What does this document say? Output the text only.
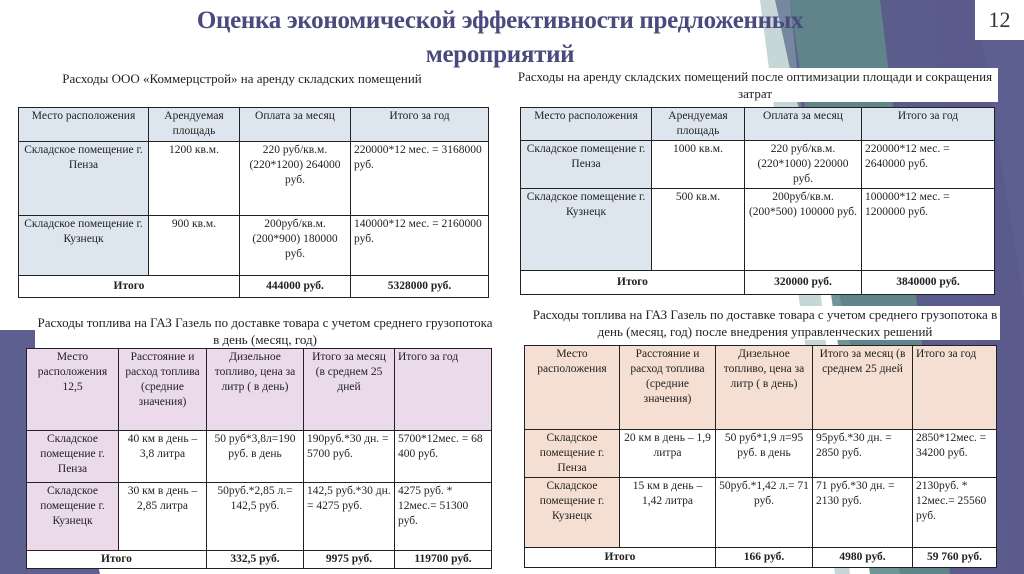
Оценка экономической эффективности предложенных мероприятий
12
Расходы ООО «Коммерцстрой» на аренду складских помещений
Место расположения	Арендуемая площадь	Оплата за месяц	Итого за год
Складское помещение г. Пенза	1200 кв.м.	220 руб/кв.м. (220*1200) 264000 руб.	220000*12 мес. = 3168000 руб.
Складское помещение г. Кузнецк	900 кв.м.	200руб/кв.м. (200*900) 180000 руб.	140000*12 мес. = 2160000 руб.
Итого		444000 руб.	5328000 руб.
Расходы на аренду складских помещений после оптимизации площади и сокращения затрат
Место расположения	Арендуемая площадь	Оплата за месяц	Итого за год
Складское помещение г. Пенза	1000 кв.м.	220 руб/кв.м. (220*1000) 220000 руб.	220000*12 мес. = 2640000 руб.
Складское помещение г. Кузнецк	500 кв.м.	200руб/кв.м. (200*500) 100000 руб.	100000*12 мес. = 1200000 руб.
Итого		320000 руб.	3840000 руб.
Расходы топлива на ГАЗ Газель по доставке товара с учетом среднего грузопотока в день (месяц, год)
Место расположения 12,5	Расстояние и расход топлива (средние значения)	Дизельное топливо, цена за литр ( в день)	Итого за месяц (в среднем 25 дней	Итого за год
Складское помещение г. Пенза	40 км в день – 3,8 литра	50 руб*3,8л=190 руб. в день	190руб.*30 дн. = 5700 руб.	5700*12мес. = 68 400 руб.
Складское помещение г. Кузнецк	30 км в день – 2,85 литра	50руб.*2,85 л.= 142,5 руб.	142,5 руб.*30 дн. = 4275 руб.	4275 руб. * 12мес.= 51300 руб.
Итого		332,5 руб.	9975 руб.	119700 руб.
Расходы топлива на ГАЗ Газель по доставке товара с учетом среднего грузопотока в день (месяц, год) после внедрения управленческих решений
Место расположения	Расстояние и расход топлива (средние значения)	Дизельное топливо, цена за литр ( в день)	Итого за месяц (в среднем 25 дней	Итого за год
Складское помещение г. Пенза	20 км в день – 1,9 литра	50 руб*1,9 л=95 руб. в день	95руб.*30 дн. = 2850 руб.	2850*12мес. = 34200 руб.
Складское помещение г. Кузнецк	15 км в день – 1,42 литра	50руб.*1,42 л.= 71 руб.	71 руб.*30 дн. = 2130 руб.	2130руб. * 12мес.= 25560 руб.
Итого		166 руб.	4980 руб.	59 760 руб.
